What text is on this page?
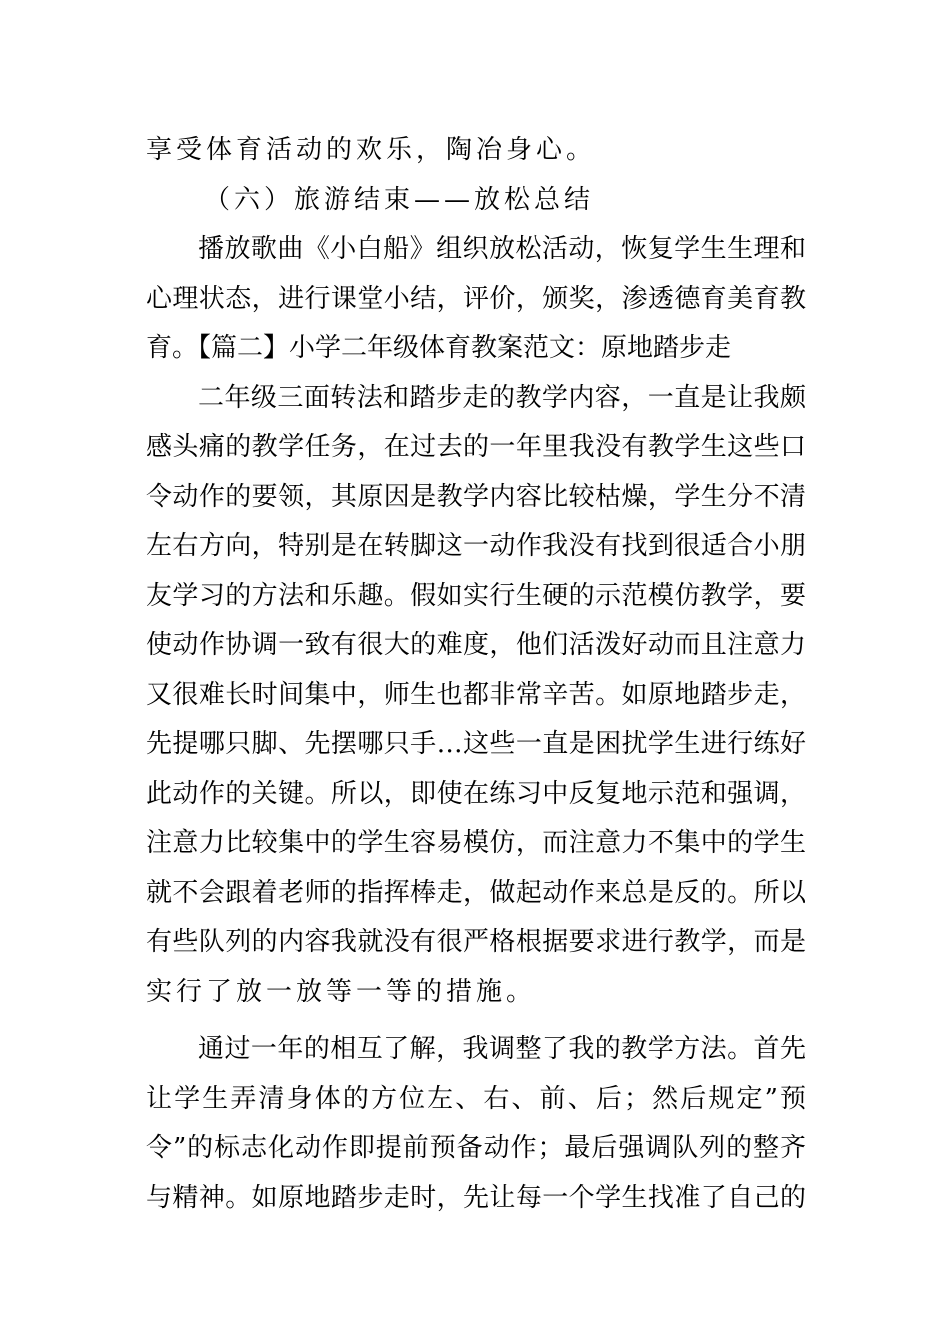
享受体育活动的欢乐，陶冶身心。
（六）旅游结束——放松总结
播放歌曲《小白船》组织放松活动，恢复学生生理和
心理状态，进行课堂小结，评价，颁奖，渗透德育美育教
育。【篇二】小学二年级体育教案范文：原地踏步走
二年级三面转法和踏步走的教学内容，一直是让我颇
感头痛的教学任务，在过去的一年里我没有教学生这些口
令动作的要领，其原因是教学内容比较枯燥，学生分不清
左右方向，特别是在转脚这一动作我没有找到很适合小朋
友学习的方法和乐趣。假如实行生硬的示范模仿教学，要
使动作协调一致有很大的难度，他们活泼好动而且注意力
又很难长时间集中，师生也都非常辛苦。如原地踏步走，
先提哪只脚、先摆哪只手…这些一直是困扰学生进行练好
此动作的关键。所以，即使在练习中反复地示范和强调，
注意力比较集中的学生容易模仿，而注意力不集中的学生
就不会跟着老师的指挥棒走，做起动作来总是反的。所以
有些队列的内容我就没有很严格根据要求进行教学，而是
实行了放一放等一等的措施。
通过一年的相互了解，我调整了我的教学方法。首先
让学生弄清身体的方位左、右、前、后；然后规定”预
令”的标志化动作即提前预备动作；最后强调队列的整齐
与精神。如原地踏步走时，先让每一个学生找准了自己的
